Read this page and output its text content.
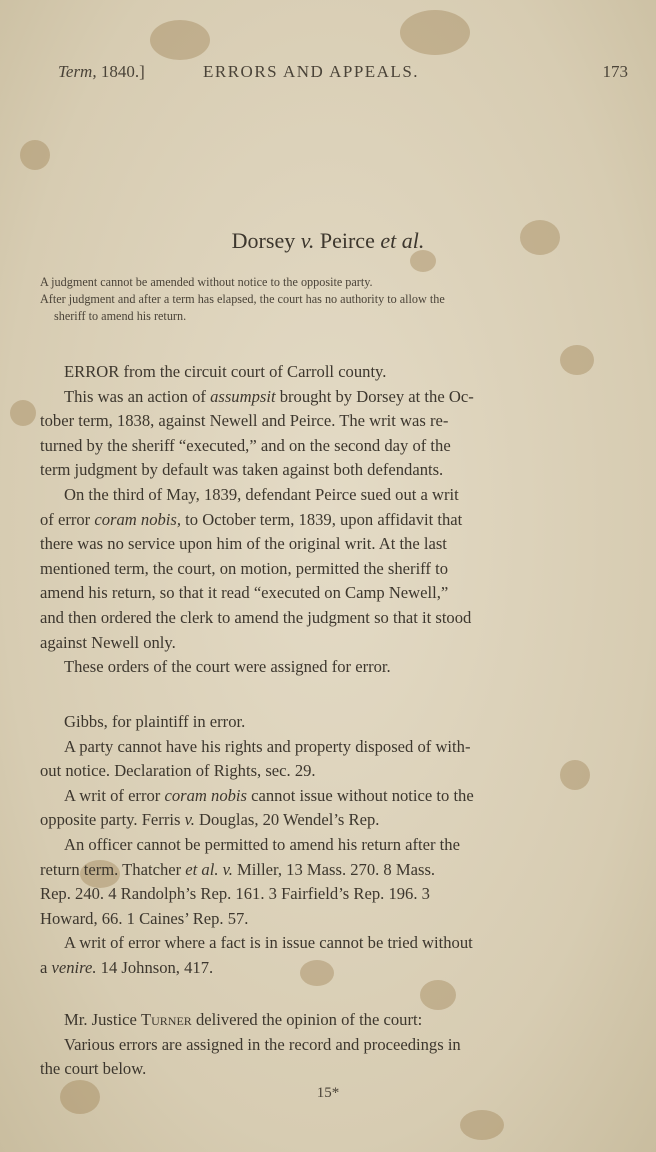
Term, 1840.]	ERRORS AND APPEALS.	173
Dorsey v. Peirce et al.
A judgment cannot be amended without notice to the opposite party.
After judgment and after a term has elapsed, the court has no authority to allow the
sheriff to amend his return.
ERROR from the circuit court of Carroll county.
This was an action of assumpsit brought by Dorsey at the Oc-
tober term, 1838, against Newell and Peirce. The writ was re-
turned by the sheriff “executed,” and on the second day of the
term judgment by default was taken against both defendants.
On the third of May, 1839, defendant Peirce sued out a writ
of error coram nobis, to October term, 1839, upon affidavit that
there was no service upon him of the original writ. At the last
mentioned term, the court, on motion, permitted the sheriff to
amend his return, so that it read “executed on Camp Newell,”
and then ordered the clerk to amend the judgment so that it stood
against Newell only.
These orders of the court were assigned for error.
Gibbs, for plaintiff in error.
A party cannot have his rights and property disposed of with-
out notice. Declaration of Rights, sec. 29.
A writ of error coram nobis cannot issue without notice to the
opposite party. Ferris v. Douglas, 20 Wendel’s Rep.
An officer cannot be permitted to amend his return after the
return term. Thatcher et al. v. Miller, 13 Mass. 270. 8 Mass.
Rep. 240. 4 Randolph’s Rep. 161. 3 Fairfield’s Rep. 196. 3
Howard, 66. 1 Caines’ Rep. 57.
A writ of error where a fact is in issue cannot be tried without
a venire. 14 Johnson, 417.
Mr. Justice Turner delivered the opinion of the court:
Various errors are assigned in the record and proceedings in
the court below.
15*
